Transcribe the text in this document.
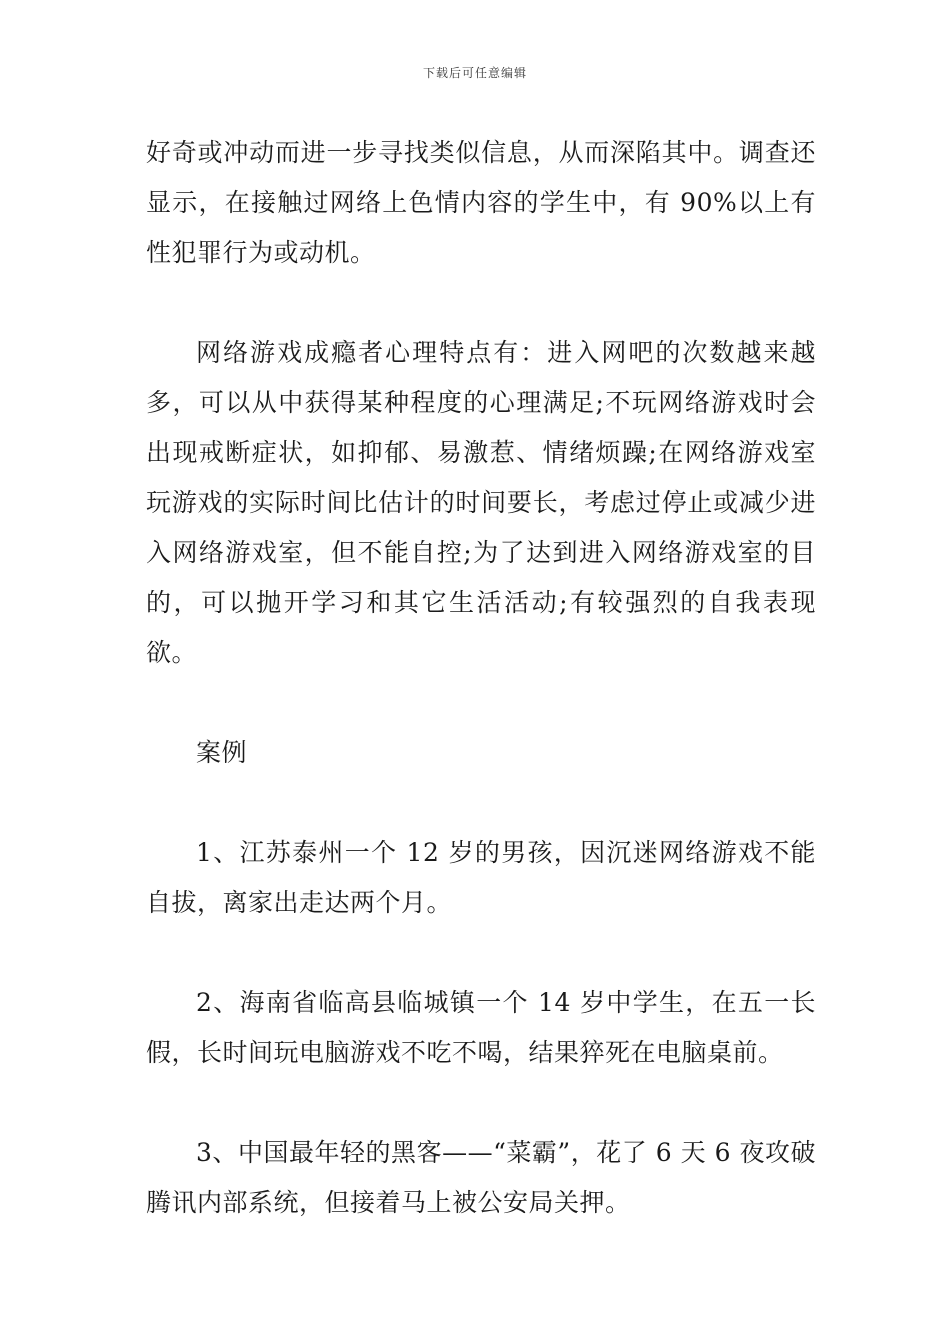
下载后可任意编辑

好奇或冲动而进一步寻找类似信息，从而深陷其中。调查还显示，在接触过网络上色情内容的学生中，有 90%以上有性犯罪行为或动机。

网络游戏成瘾者心理特点有：进入网吧的次数越来越多，可以从中获得某种程度的心理满足;不玩网络游戏时会出现戒断症状，如抑郁、易激惹、情绪烦躁;在网络游戏室玩游戏的实际时间比估计的时间要长，考虑过停止或减少进入网络游戏室，但不能自控;为了达到进入网络游戏室的目的，可以抛开学习和其它生活活动;有较强烈的自我表现欲。

案例

1、江苏泰州一个 12 岁的男孩，因沉迷网络游戏不能自拔，离家出走达两个月。

2、海南省临高县临城镇一个 14 岁中学生，在五一长假，长时间玩电脑游戏不吃不喝，结果猝死在电脑桌前。

3、中国最年轻的黑客——“菜霸”，花了 6 天 6 夜攻破腾讯内部系统，但接着马上被公安局关押。
